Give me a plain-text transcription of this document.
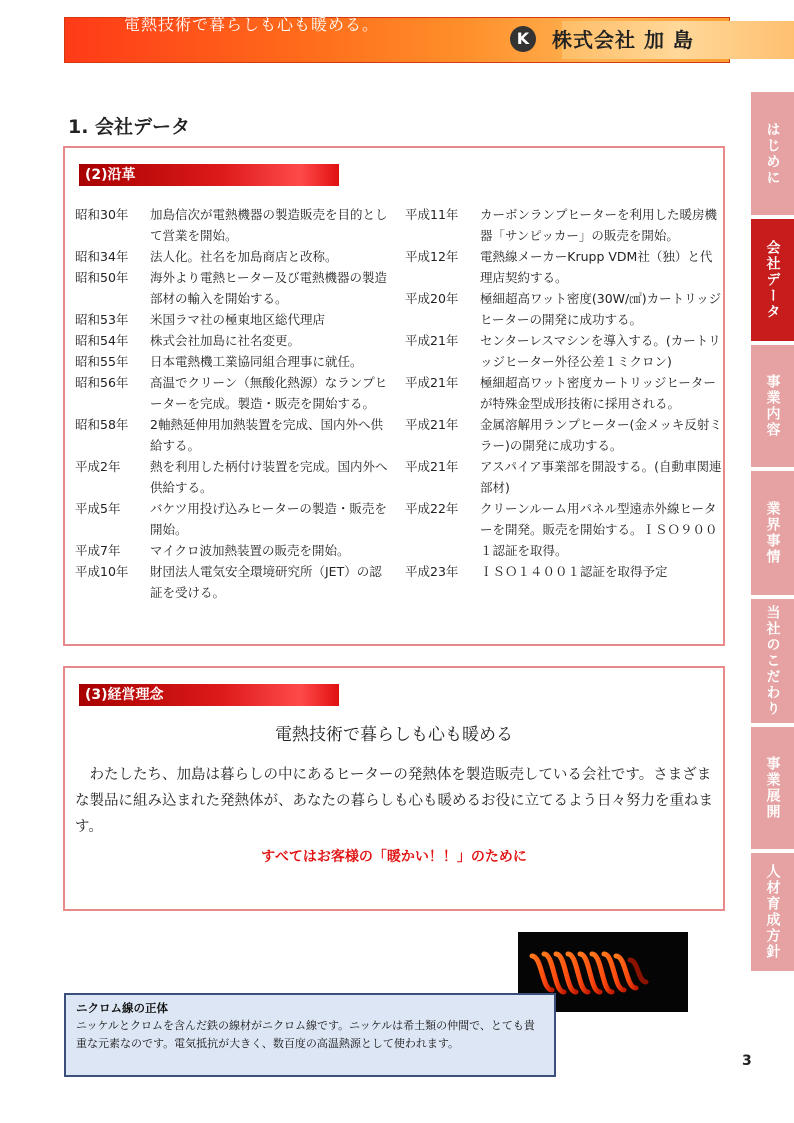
電熱技術で暮らしも心も暖める。
K	株式会社 加 島
1. 会社データ
(2)沿革
昭和30年 加島信次が電熱機器の製造販売を目的として営業を開始。
昭和34年 法人化。社名を加島商店と改称。
昭和50年 海外より電熱ヒーター及び電熱機器の製造部材の輸入を開始する。
昭和53年 米国ラマ社の極東地区総代理店
昭和54年 株式会社加島に社名変更。
昭和55年 日本電熱機工業協同組合理事に就任。
昭和56年 高温でクリーン（無酸化熱源）なランプヒーターを完成。製造・販売を開始する。
昭和58年 2軸熱延伸用加熱装置を完成、国内外へ供給する。
平成2年 熱を利用した柄付け装置を完成。国内外へ供給する。
平成5年 バケツ用投げ込みヒーターの製造・販売を開始。
平成7年 マイクロ波加熱装置の販売を開始。
平成10年 財団法人電気安全環境研究所（JET）の認証を受ける。
平成11年 カーボンランプヒーターを利用した暖房機器「サンピッカー」の販売を開始。
平成12年 電熱線メーカーKrupp VDM社（独）と代理店契約する。
平成20年 極細超高ワット密度(30W/㎠)カートリッジヒーターの開発に成功する。
平成21年 センターレスマシンを導入する。(カートリッジヒーター外径公差１ミクロン)
平成21年 極細超高ワット密度カートリッジヒーターが特殊金型成形技術に採用される。
平成21年 金属溶解用ランプヒーター(金メッキ反射ミラー)の開発に成功する。
平成21年 アスパイア事業部を開設する。(自動車関連部材)
平成22年 クリーンルーム用パネル型遠赤外線ヒーターを開発。販売を開始する。ＩＳＯ９００１認証を取得。
平成23年 ＩＳＯ１４００１認証を取得予定
(3)経営理念
電熱技術で暮らしも心も暖める
わたしたち、加島は暮らしの中にあるヒーターの発熱体を製造販売している会社です。さまざまな製品に組み込まれた発熱体が、あなたの暮らしも心も暖めるお役に立てるよう日々努力を重ねます。
すべてはお客様の「暖かい！！」のために
はじめに
会社データ
事業内容
業界事情
当社のこだわり
事業展開
人材育成方針
ニクロム線の正体
ニッケルとクロムを含んだ鉄の線材がニクロム線です。ニッケルは希土類の仲間で、とても貴重な元素なのです。電気抵抗が大きく、数百度の高温熱源として使われます。
3
